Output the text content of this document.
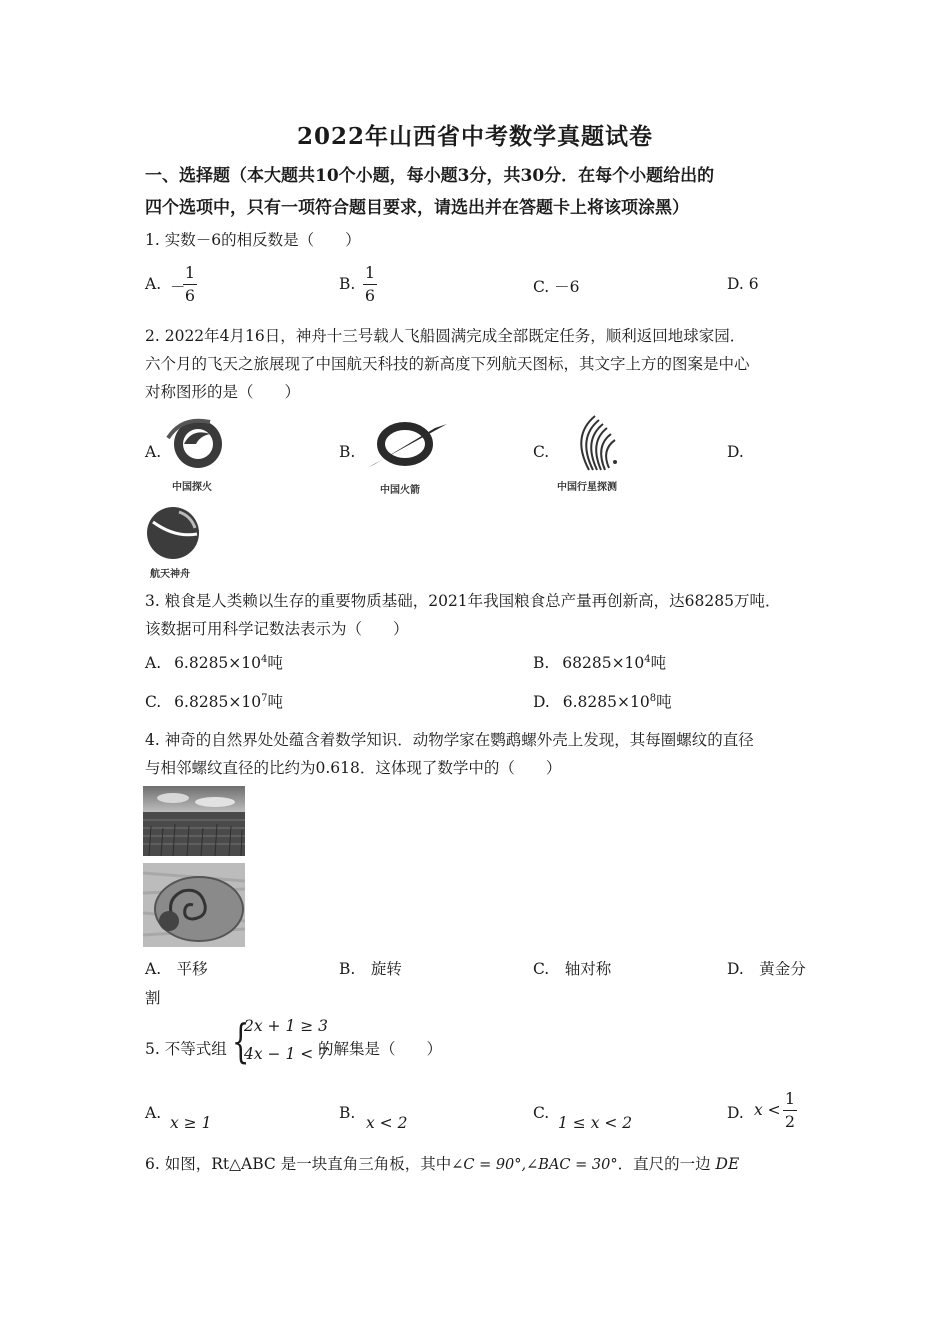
2022年山西省中考数学真题试卷
一、选择题（本大题共10个小题，每小题3分，共30分．在每个小题给出的
四个选项中，只有一项符合题目要求，请选出并在答题卡上将该项涂黑）
1. 实数－6的相反数是（　　）
A. －
1
6
B.
1
6	C. －6	D. 6
2. 2022年4月16日，神舟十三号载人飞船圆满完成全部既定任务，顺利返回地球家园．
六个月的飞天之旅展现了中国航天科技的新高度下列航天图标，其文字上方的图案是中心
对称图形的是（　　）
A.
中国探火
B.
中国火箭
C.
中国行星探测
D.
航天神舟
3. 粮食是人类赖以生存的重要物质基础，2021年我国粮食总产量再创新高，达68285万吨．
该数据可用科学记数法表示为（　　）
A. $6.8285\times 10^4$吨	B. $68285\times 10^4$吨
C. $6.8285\times 10^7$吨	D. $6.8285\times 10^8$吨
4. 神奇的自然界处处蕴含着数学知识．动物学家在鹦鹉螺外壳上发现，其每圈螺纹的直径
与相邻螺纹直径的比约为0.618．这体现了数学中的（　　）
A.　平移	B.　旋转	C.　轴对称	D.　黄金分
割
5. 不等式组 {
2x + 1 ≥ 3
4x − 1 < 7
的解集是（　　）
A.
x ≥ 1
B.
x < 2
C.
1 ≤ x < 2
D. x <
1
2
6. 如图，Rt△ABC 是一块直角三角板，其中∠C = 90°,∠BAC = 30°．直尺的一边 DE
